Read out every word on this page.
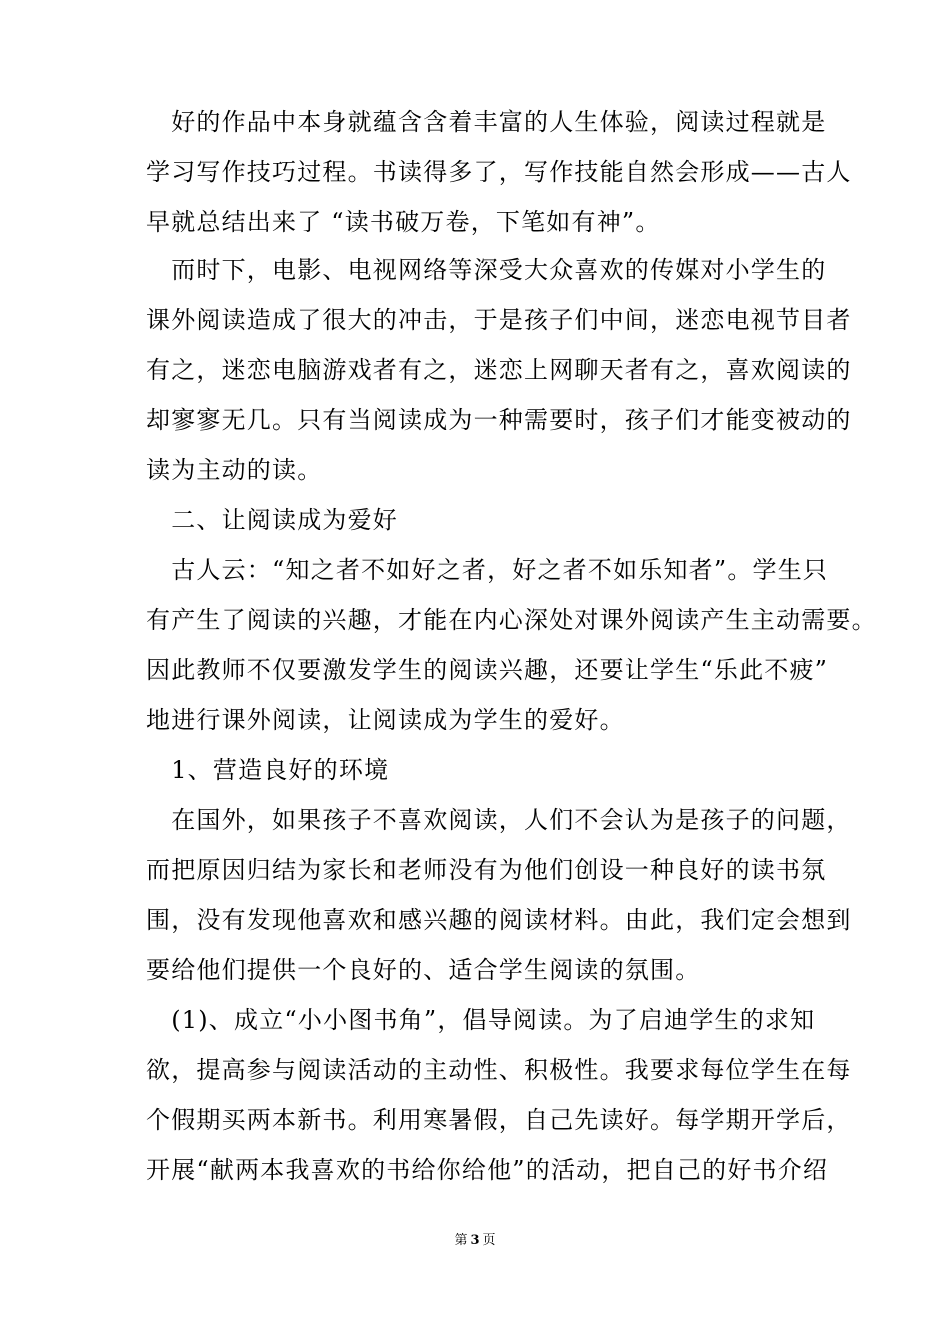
　好的作品中本身就蕴含含着丰富的人生体验，阅读过程就是
学习写作技巧过程。书读得多了，写作技能自然会形成——古人
早就总结出来了 “读书破万卷，下笔如有神”。
　而时下，电影、电视网络等深受大众喜欢的传媒对小学生的
课外阅读造成了很大的冲击，于是孩子们中间，迷恋电视节目者
有之，迷恋电脑游戏者有之，迷恋上网聊天者有之，喜欢阅读的
却寥寥无几。只有当阅读成为一种需要时，孩子们才能变被动的
读为主动的读。
　二、让阅读成为爱好
　古人云：“知之者不如好之者，好之者不如乐知者”。学生只
有产生了阅读的兴趣，才能在内心深处对课外阅读产生主动需要。
因此教师不仅要激发学生的阅读兴趣，还要让学生“乐此不疲”
地进行课外阅读，让阅读成为学生的爱好。
　1、营造良好的环境
　在国外，如果孩子不喜欢阅读，人们不会认为是孩子的问题，
而把原因归结为家长和老师没有为他们创设一种良好的读书氛
围，没有发现他喜欢和感兴趣的阅读材料。由此，我们定会想到
要给他们提供一个良好的、适合学生阅读的氛围。
　(1)、成立“小小图书角”，倡导阅读。为了启迪学生的求知
欲，提高参与阅读活动的主动性、积极性。我要求每位学生在每
个假期买两本新书。利用寒暑假，自己先读好。每学期开学后，
开展“献两本我喜欢的书给你给他”的活动，把自己的好书介绍
第 3 页
